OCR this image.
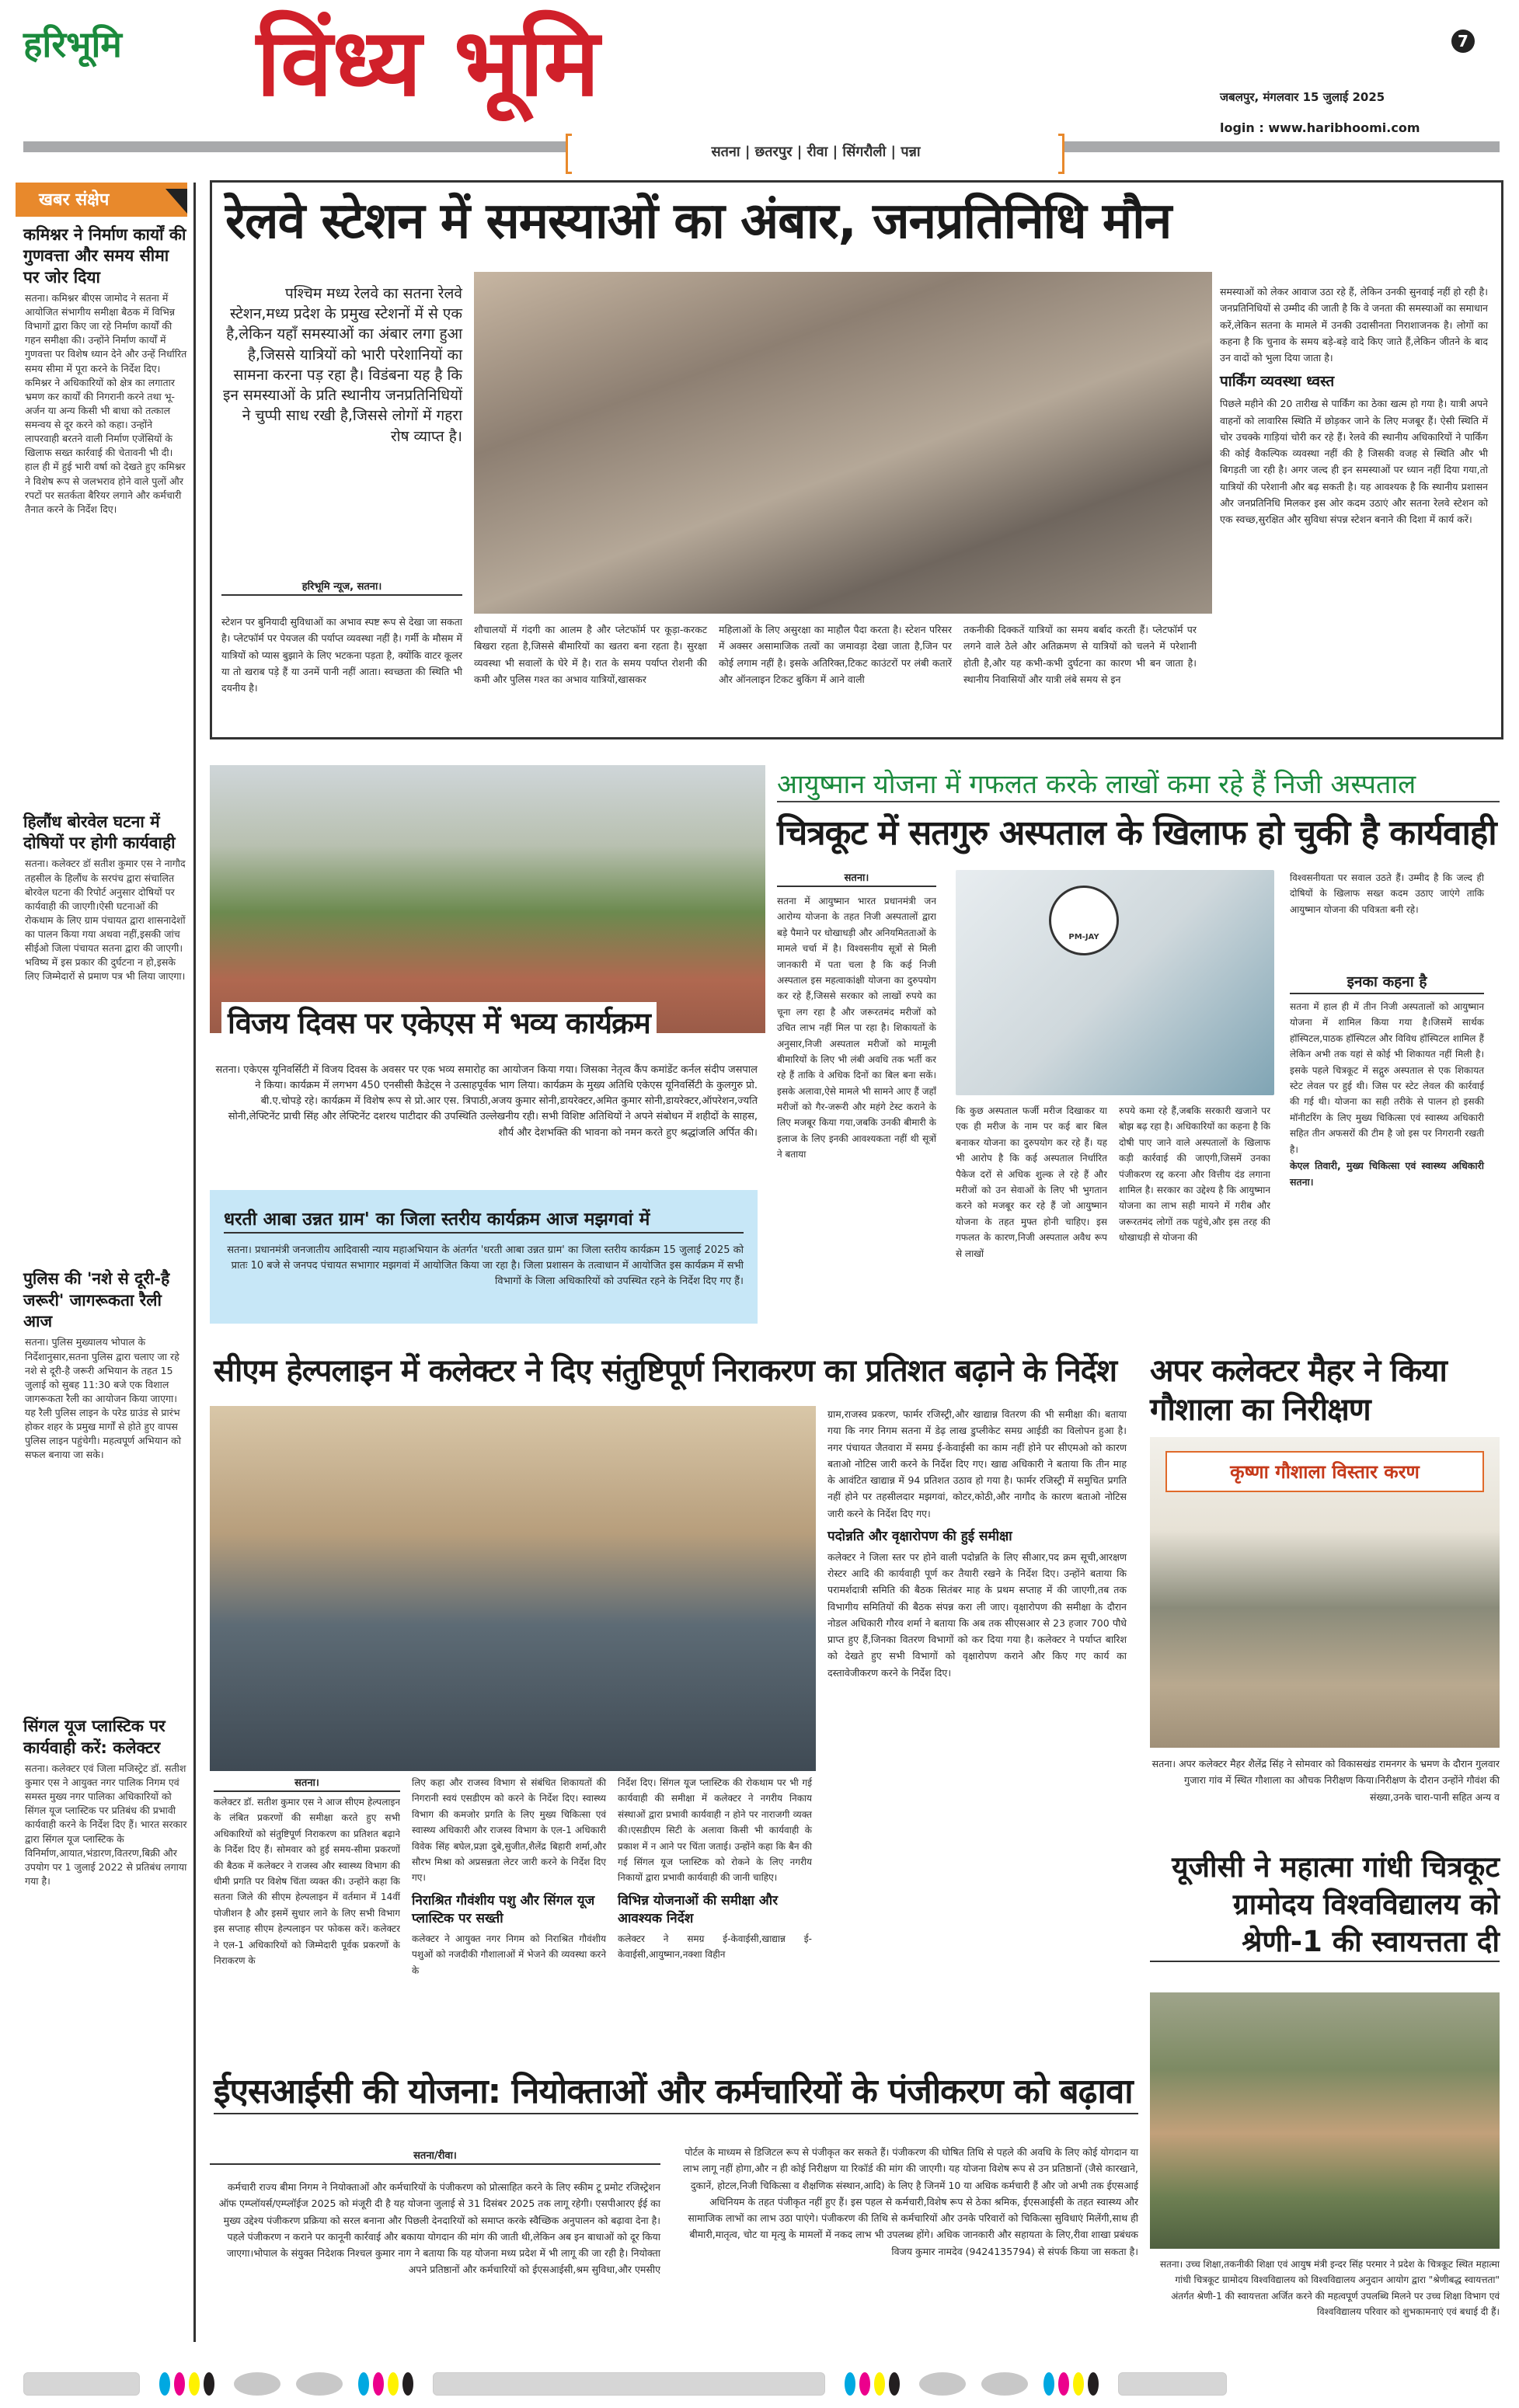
हरिभूमि विंध्य भूमि	7
जबलपुर, मंगलवार 15 जुलाई 2025
login : www.haribhoomi.com
सतना | छतरपुर | रीवा | सिंगरौली | पन्ना
खबर संक्षेप
कमिश्नर ने निर्माण कार्यों की गुणवत्ता और समय सीमा पर जोर दिया
सतना। कमिश्नर बीएस जामोद ने सतना में आयोजित संभागीय समीक्षा बैठक में विभिन्न विभागों द्वारा किए जा रहे निर्माण कार्यों की गहन समीक्षा की। उन्होंने निर्माण कार्यों में गुणवत्ता पर विशेष ध्यान देने और उन्हें निर्धारित समय सीमा में पूरा करने के निर्देश दिए। कमिश्नर ने अधिकारियों को क्षेत्र का लगातार भ्रमण कर कार्यों की निगरानी करने तथा भू-अर्जन या अन्य किसी भी बाधा को तत्काल समन्वय से दूर करने को कहा। उन्होंने लापरवाही बरतने वाली निर्माण एजेंसियों के खिलाफ सख्त कार्रवाई की चेतावनी भी दी। हाल ही में हुई भारी वर्षा को देखते हुए कमिश्नर ने विशेष रूप से जलभराव होने वाले पुलों और रपटों पर सतर्कता बैरियर लगाने और कर्मचारी तैनात करने के निर्देश दिए।
हिलौंध बोरवेल घटना में दोषियों पर होगी कार्यवाही
सतना। कलेक्टर डॉ सतीश कुमार एस ने नागौद तहसील के हिलौंध के सरपंच द्वारा संचालित बोरवेल घटना की रिपोर्ट अनुसार दोषियों पर कार्यवाही की जाएगी।ऐसी घटनाओं की रोकथाम के लिए ग्राम पंचायत द्वारा शासनादेशों का पालन किया गया अथवा नहीं,इसकी जांच सीईओ जिला पंचायत सतना द्वारा की जाएगी। भविष्य में इस प्रकार की दुर्घटना न हो,इसके लिए जिम्मेदारों से प्रमाण पत्र भी लिया जाएगा।
पुलिस की 'नशे से दूरी-है जरूरी' जागरूकता रैली आज
सतना। पुलिस मुख्यालय भोपाल के निर्देशानुसार,सतना पुलिस द्वारा चलाए जा रहे नशे से दूरी-है जरूरी अभियान के तहत 15 जुलाई को सुबह 11:30 बजे एक विशाल जागरूकता रैली का आयोजन किया जाएगा। यह रैली पुलिस लाइन के परेड ग्राउंड से प्रारंभ होकर शहर के प्रमुख मार्गों से होते हुए वापस पुलिस लाइन पहुंचेगी। महत्वपूर्ण अभियान को सफल बनाया जा सके।
सिंगल यूज प्लास्टिक पर कार्यवाही करें: कलेक्टर
सतना। कलेक्टर एवं जिला मजिस्ट्रेट डॉ. सतीश कुमार एस ने आयुक्त नगर पालिक निगम एवं समस्त मुख्य नगर पालिका अधिकारियों को सिंगल यूज प्लास्टिक पर प्रतिबंध की प्रभावी कार्यवाही करने के निर्देश दिए हैं। भारत सरकार द्वारा सिंगल यूज प्लास्टिक के विनिर्माण,आयात,भंडारण,वितरण,बिक्री और उपयोग पर 1 जुलाई 2022 से प्रतिबंध लगाया गया है।
रेलवे स्टेशन में समस्याओं का अंबार, जनप्रतिनिधि मौन
पश्चिम मध्य रेलवे का सतना रेलवे स्टेशन,मध्य प्रदेश के प्रमुख स्टेशनों में से एक है,लेकिन यहाँ समस्याओं का अंबार लगा हुआ है,जिससे यात्रियों को भारी परेशानियों का सामना करना पड़ रहा है। विडंबना यह है कि इन समस्याओं के प्रति स्थानीय जनप्रतिनिधियों ने चुप्पी साध रखी है,जिससे लोगों में गहरा रोष व्याप्त है।
हरिभूमि न्यूज, सतना।
स्टेशन पर बुनियादी सुविधाओं का अभाव स्पष्ट रूप से देखा जा सकता है। प्लेटफॉर्म पर पेयजल की पर्याप्त व्यवस्था नहीं है। गर्मी के मौसम में यात्रियों को प्यास बुझाने के लिए भटकना पड़ता है, क्योंकि वाटर कूलर या तो खराब पड़े हैं या उनमें पानी नहीं आता। स्वच्छता की स्थिति भी दयनीय है।
शौचालयों में गंदगी का आलम है और प्लेटफॉर्म पर कूड़ा-करकट बिखरा रहता है,जिससे बीमारियों का खतरा बना रहता है। सुरक्षा व्यवस्था भी सवालों के घेरे में है। रात के समय पर्याप्त रोशनी की कमी और पुलिस गश्त का अभाव यात्रियों,खासकर
महिलाओं के लिए असुरक्षा का माहौल पैदा करता है। स्टेशन परिसर में अक्सर असामाजिक तत्वों का जमावड़ा देखा जाता है,जिन पर कोई लगाम नहीं है। इसके अतिरिक्त,टिकट काउंटरों पर लंबी कतारें और ऑनलाइन टिकट बुकिंग में आने वाली
तकनीकी दिक्कतें यात्रियों का समय बर्बाद करती हैं। प्लेटफॉर्म पर लगने वाले ठेले और अतिक्रमण से यात्रियों को चलने में परेशानी होती है,और यह कभी-कभी दुर्घटना का कारण भी बन जाता है। स्थानीय निवासियों और यात्री लंबे समय से इन
समस्याओं को लेकर आवाज उठा रहे हैं, लेकिन उनकी सुनवाई नहीं हो रही है। जनप्रतिनिधियों से उम्मीद की जाती है कि वे जनता की समस्याओं का समाधान करें,लेकिन सतना के मामले में उनकी उदासीनता निराशाजनक है। लोगों का कहना है कि चुनाव के समय बड़े-बड़े वादे किए जाते हैं,लेकिन जीतने के बाद उन वादों को भुला दिया जाता है।
पार्किंग व्यवस्था ध्वस्त
पिछले महीने की 20 तारीख से पार्किंग का ठेका खत्म हो गया है। यात्री अपने वाहनों को लावारिस स्थिति में छोड़कर जाने के लिए मजबूर हैं। ऐसी स्थिति में चोर उचक्के गाड़ियां चोरी कर रहे हैं। रेलवे की स्थानीय अधिकारियों ने पार्किंग की कोई वैकल्पिक व्यवस्था नहीं की है जिसकी वजह से स्थिति और भी बिगड़ती जा रही है। अगर जल्द ही इन समस्याओं पर ध्यान नहीं दिया गया,तो यात्रियों की परेशानी और बढ़ सकती है। यह आवश्यक है कि स्थानीय प्रशासन और जनप्रतिनिधि मिलकर इस ओर कदम उठाएं और सतना रेलवे स्टेशन को एक स्वच्छ,सुरक्षित और सुविधा संपन्न स्टेशन बनाने की दिशा में कार्य करें।
विजय दिवस पर एकेएस में भव्य कार्यक्रम
सतना। एकेएस यूनिवर्सिटी में विजय दिवस के अवसर पर एक भव्य समारोह का आयोजन किया गया। जिसका नेतृत्व कैंप कमांडेंट कर्नल संदीप जसपाल ने किया। कार्यक्रम में लगभग 450 एनसीसी कैडेट्स ने उत्साहपूर्वक भाग लिया। कार्यक्रम के मुख्य अतिथि एकेएस यूनिवर्सिटी के कुलगुरु प्रो. बी.ए.चोपड़े रहे। कार्यक्रम में विशेष रूप से प्रो.आर एस. त्रिपाठी,अजय कुमार सोनी,डायरेक्टर,अमित कुमार सोनी,डायरेक्टर,ऑपरेशन,ज्यति सोनी,लेफ्टिनेंट प्राची सिंह और लेफ्टिनेंट दशरथ पाटीदार की उपस्थिति उल्लेखनीय रही। सभी विशिष्ट अतिथियों ने अपने संबोधन में शहीदों के साहस, शौर्य और देशभक्ति की भावना को नमन करते हुए श्रद्धांजलि अर्पित की।
धरती आबा उन्नत ग्राम' का जिला स्तरीय कार्यक्रम आज मझगवां में
सतना। प्रधानमंत्री जनजातीय आदिवासी न्याय महाअभियान के अंतर्गत 'धरती आबा उन्नत ग्राम' का जिला स्तरीय कार्यक्रम 15 जुलाई 2025 को प्रातः 10 बजे से जनपद पंचायत सभागार मझगवां में आयोजित किया जा रहा है। जिला प्रशासन के तत्वाधान में आयोजित इस कार्यक्रम में सभी विभागों के जिला अधिकारियों को उपस्थित रहने के निर्देश दिए गए हैं।
आयुष्मान योजना में गफलत करके लाखों कमा रहे हैं निजी अस्पताल
चित्रकूट में सतगुरु अस्पताल के खिलाफ हो चुकी है कार्यवाही
सतना।
सतना में आयुष्मान भारत प्रधानमंत्री जन आरोग्य योजना के तहत निजी अस्पतालों द्वारा बड़े पैमाने पर धोखाधड़ी और अनियमितताओं के मामले चर्चा में है। विश्वसनीय सूत्रों से मिली जानकारी में पता चला है कि कई निजी अस्पताल इस महत्वाकांक्षी योजना का दुरुपयोग कर रहे हैं,जिससे सरकार को लाखों रुपये का चूना लग रहा है और जरूरतमंद मरीजों को उचित लाभ नहीं मिल पा रहा है। शिकायतों के अनुसार,निजी अस्पताल मरीजों को मामूली बीमारियों के लिए भी लंबी अवधि तक भर्ती कर रहे हैं ताकि वे अधिक दिनों का बिल बना सकें। इसके अलावा,ऐसे मामले भी सामने आए हैं जहाँ मरीजों को गैर-जरूरी और महंगे टेस्ट कराने के लिए मजबूर किया गया,जबकि उनकी बीमारी के इलाज के लिए इनकी आवश्यकता नहीं थी सूत्रों ने बताया
PM-JAY
कि कुछ अस्पताल फर्जी मरीज दिखाकर या एक ही मरीज के नाम पर कई बार बिल बनाकर योजना का दुरुपयोग कर रहे हैं। यह भी आरोप है कि कई अस्पताल निर्धारित पैकेज दरों से अधिक शुल्क ले रहे हैं और मरीजों को उन सेवाओं के लिए भी भुगतान करने को मजबूर कर रहे हैं जो आयुष्मान योजना के तहत मुफ्त होनी चाहिए। इस गफलत के कारण,निजी अस्पताल अवैध रूप से लाखों
रुपये कमा रहे हैं,जबकि सरकारी खजाने पर बोझ बढ़ रहा है। अधिकारियों का कहना है कि दोषी पाए जाने वाले अस्पतालों के खिलाफ कड़ी कार्रवाई की जाएगी,जिसमें उनका पंजीकरण रद्द करना और वित्तीय दंड लगाना शामिल है। सरकार का उद्देश्य है कि आयुष्मान योजना का लाभ सही मायने में गरीब और जरूरतमंद लोगों तक पहुंचे,और इस तरह की धोखाधड़ी से योजना की
विश्वसनीयता पर सवाल उठते हैं। उम्मीद है कि जल्द ही दोषियों के खिलाफ सख्त कदम उठाए जाएंगे ताकि आयुष्मान योजना की पवित्रता बनी रहे।
इनका कहना है
सतना में हाल ही में तीन निजी अस्पतालों को आयुष्मान योजना में शामिल किया गया है।जिसमें सार्थक हॉस्पिटल,पाठक हॉस्पिटल और विविध हॉस्पिटल शामिल हैं लेकिन अभी तक यहां से कोई भी शिकायत नहीं मिली है। इसके पहले चित्रकूट में सद्गुरु अस्पताल से एक शिकायत स्टेट लेवल पर हुई थी। जिस पर स्टेट लेवल की कार्रवाई की गई थी। योजना का सही तरीके से पालन हो इसकी मॉनीटरिंग के लिए मुख्य चिकित्सा एवं स्वास्थ्य अधिकारी सहित तीन अफसरों की टीम है जो इस पर निगरानी रखती है।
केएल तिवारी, मुख्य चिकित्सा एवं स्वास्थ्य अधिकारी सतना।
सीएम हेल्पलाइन में कलेक्टर ने दिए संतुष्टिपूर्ण निराकरण का प्रतिशत बढ़ाने के निर्देश
सतना।
कलेक्टर डॉ. सतीश कुमार एस ने आज सीएम हेल्पलाइन के लंबित प्रकरणों की समीक्षा करते हुए सभी अधिकारियों को संतुष्टिपूर्ण निराकरण का प्रतिशत बढ़ाने के निर्देश दिए हैं। सोमवार को हुई समय-सीमा प्रकरणों की बैठक में कलेक्टर ने राजस्व और स्वास्थ्य विभाग की धीमी प्रगति पर विशेष चिंता व्यक्त की। उन्होंने कहा कि सतना जिले की सीएम हेल्पलाइन में वर्तमान में 14वीं पोजीशन है और इसमें सुधार लाने के लिए सभी विभाग इस सप्ताह सीएम हेल्पलाइन पर फोकस करें। कलेक्टर ने एल-1 अधिकारियों को जिम्मेदारी पूर्वक प्रकरणों के निराकरण के
लिए कहा और राजस्व विभाग से संबंधित शिकायतों की निगरानी स्वयं एसडीएम को करने के निर्देश दिए। स्वास्थ्य विभाग की कमजोर प्रगति के लिए मुख्य चिकित्सा एवं स्वास्थ्य अधिकारी और राजस्व विभाग के एल-1 अधिकारी विवेक सिंह बघेल,प्रज्ञा दुबे,सुजीत,शैलेंद्र बिहारी शर्मा,और सौरभ मिश्रा को अप्रसन्नता लेटर जारी करने के निर्देश दिए गए।
निराश्रित गौवंशीय पशु और सिंगल यूज प्लास्टिक पर सख्ती
कलेक्टर ने आयुक्त नगर निगम को निराश्रित गौवंशीय पशुओं को नजदीकी गौशालाओं में भेजने की व्यवस्था करने के
निर्देश दिए। सिंगल यूज प्लास्टिक की रोकथाम पर भी गई कार्यवाही की समीक्षा में कलेक्टर ने नगरीय निकाय संस्थाओं द्वारा प्रभावी कार्यवाही न होने पर नाराजगी व्यक्त की।एसडीएम सिटी के अलावा किसी भी कार्यवाही के प्रकाश में न आने पर चिंता जताई। उन्होंने कहा कि बैन की गई सिंगल यूज प्लास्टिक को रोकने के लिए नगरीय निकायों द्वारा प्रभावी कार्यवाही की जानी चाहिए।
विभिन्न योजनाओं की समीक्षा और आवश्यक निर्देश
कलेक्टर ने समग्र ई-केवाईसी,खाद्यान्न ई-केवाईसी,आयुष्मान,नक्शा विहीन
ग्राम,राजस्व प्रकरण, फार्मर रजिस्ट्री,और खाद्यान्न वितरण की भी समीक्षा की। बताया गया कि नगर निगम सतना में डेढ़ लाख डुप्लीकेट समग्र आईडी का विलोपन हुआ है। नगर पंचायत जैतवारा में समग्र ई-केवाईसी का काम नहीं होने पर सीएमओ को कारण बताओ नोटिस जारी करने के निर्देश दिए गए। खाद्य अधिकारी ने बताया कि तीन माह के आवंटित खाद्यान्न में 94 प्रतिशत उठाव हो गया है। फार्मर रजिस्ट्री में समुचित प्रगति नहीं होने पर तहसीलदार मझगवां, कोटर,कोठी,और नागौद के कारण बताओ नोटिस जारी करने के निर्देश दिए गए।
पदोन्नति और वृक्षारोपण की हुई समीक्षा
कलेक्टर ने जिला स्तर पर होने वाली पदोन्नति के लिए सीआर,पद क्रम सूची,आरक्षण रोस्टर आदि की कार्यवाही पूर्ण कर तैयारी रखने के निर्देश दिए। उन्होंने बताया कि परामर्शदात्री समिति की बैठक सितंबर माह के प्रथम सप्ताह में की जाएगी,तब तक विभागीय समितियों की बैठक संपन्न करा ली जाए। वृक्षारोपण की समीक्षा के दौरान नोडल अधिकारी गौरव शर्मा ने बताया कि अब तक सीएसआर से 23 हजार 700 पौधे प्राप्त हुए हैं,जिनका वितरण विभागों को कर दिया गया है। कलेक्टर ने पर्याप्त बारिश को देखते हुए सभी विभागों को वृक्षारोपण कराने और किए गए कार्य का दस्तावेजीकरण करने के निर्देश दिए।
अपर कलेक्टर मैहर ने किया गौशाला का निरीक्षण
कृष्णा गौशाला विस्तार करण
सतना। अपर कलेक्टर मैहर शैलेंद्र सिंह ने सोमवार को विकासखंड रामनगर के भ्रमण के दौरान गुलवार गुजारा गांव में स्थित गौशाला का औचक निरीक्षण किया।निरीक्षण के दौरान उन्होंने गौवंश की संख्या,उनके चारा-पानी सहित अन्य व
यूजीसी ने महात्मा गांधी चित्रकूट ग्रामोदय विश्वविद्यालय को श्रेणी-1 की स्वायत्तता दी
सतना। उच्च शिक्षा,तकनीकी शिक्षा एवं आयुष मंत्री इन्दर सिंह परमार ने प्रदेश के चित्रकूट स्थित महात्मा गांधी चित्रकूट ग्रामोदय विश्वविद्यालय को विश्वविद्यालय अनुदान आयोग द्वारा "श्रेणीबद्ध स्वायत्तता" अंतर्गत श्रेणी-1 की स्वायत्तता अर्जित करने की महत्वपूर्ण उपलब्धि मिलने पर उच्च शिक्षा विभाग एवं विश्वविद्यालय परिवार को शुभकामनाएं एवं बधाई दी हैं।
ईएसआईसी की योजना: नियोक्ताओं और कर्मचारियों के पंजीकरण को बढ़ावा
सतना/रीवा।
कर्मचारी राज्य बीमा निगम ने नियोक्ताओं और कर्मचारियों के पंजीकरण को प्रोत्साहित करने के लिए स्कीम टू प्रमोट रजिस्ट्रेशन ऑफ एम्प्लॉयर्स/एम्प्लॉईज 2025 को मंजूरी दी है यह योजना जुलाई से 31 दिसंबर 2025 तक लागू रहेगी। एसपीआरए ईई का मुख्य उद्देश्य पंजीकरण प्रक्रिया को सरल बनाना और पिछली देनदारियों को समाप्त करके स्वैच्छिक अनुपालन को बढ़ावा देना है।पहले पंजीकरण न कराने पर कानूनी कार्रवाई और बकाया योगदान की मांग की जाती थी,लेकिन अब इन बाधाओं को दूर किया जाएगा।भोपाल के संयुक्त निदेशक निश्चल कुमार नाग ने बताया कि यह योजना मध्य प्रदेश में भी लागू की जा रही है। नियोक्ता अपने प्रतिष्ठानों और कर्मचारियों को ईएसआईसी,श्रम सुविधा,और एमसीए
पोर्टल के माध्यम से डिजिटल रूप से पंजीकृत कर सकते हैं। पंजीकरण की घोषित तिथि से पहले की अवधि के लिए कोई योगदान या लाभ लागू नहीं होगा,और न ही कोई निरीक्षण या रिकॉर्ड की मांग की जाएगी। यह योजना विशेष रूप से उन प्रतिष्ठानों (जैसे कारखाने, दुकानें, होटल,निजी चिकित्सा व शैक्षणिक संस्थान,आदि) के लिए है जिनमें 10 या अधिक कर्मचारी हैं और जो अभी तक ईएसआई अधिनियम के तहत पंजीकृत नहीं हुए हैं। इस पहल से कर्मचारी,विशेष रूप से ठेका श्रमिक, ईएसआईसी के तहत स्वास्थ्य और सामाजिक लाभों का लाभ उठा पाएंगे। पंजीकरण की तिथि से कर्मचारियों और उनके परिवारों को चिकित्सा सुविधाएं मिलेंगी,साथ ही बीमारी,मातृत्व, चोट या मृत्यु के मामलों में नकद लाभ भी उपलब्ध होंगे। अधिक जानकारी और सहायता के लिए,रीवा शाखा प्रबंधक विजय कुमार नामदेव (9424135794) से संपर्क किया जा सकता है।
